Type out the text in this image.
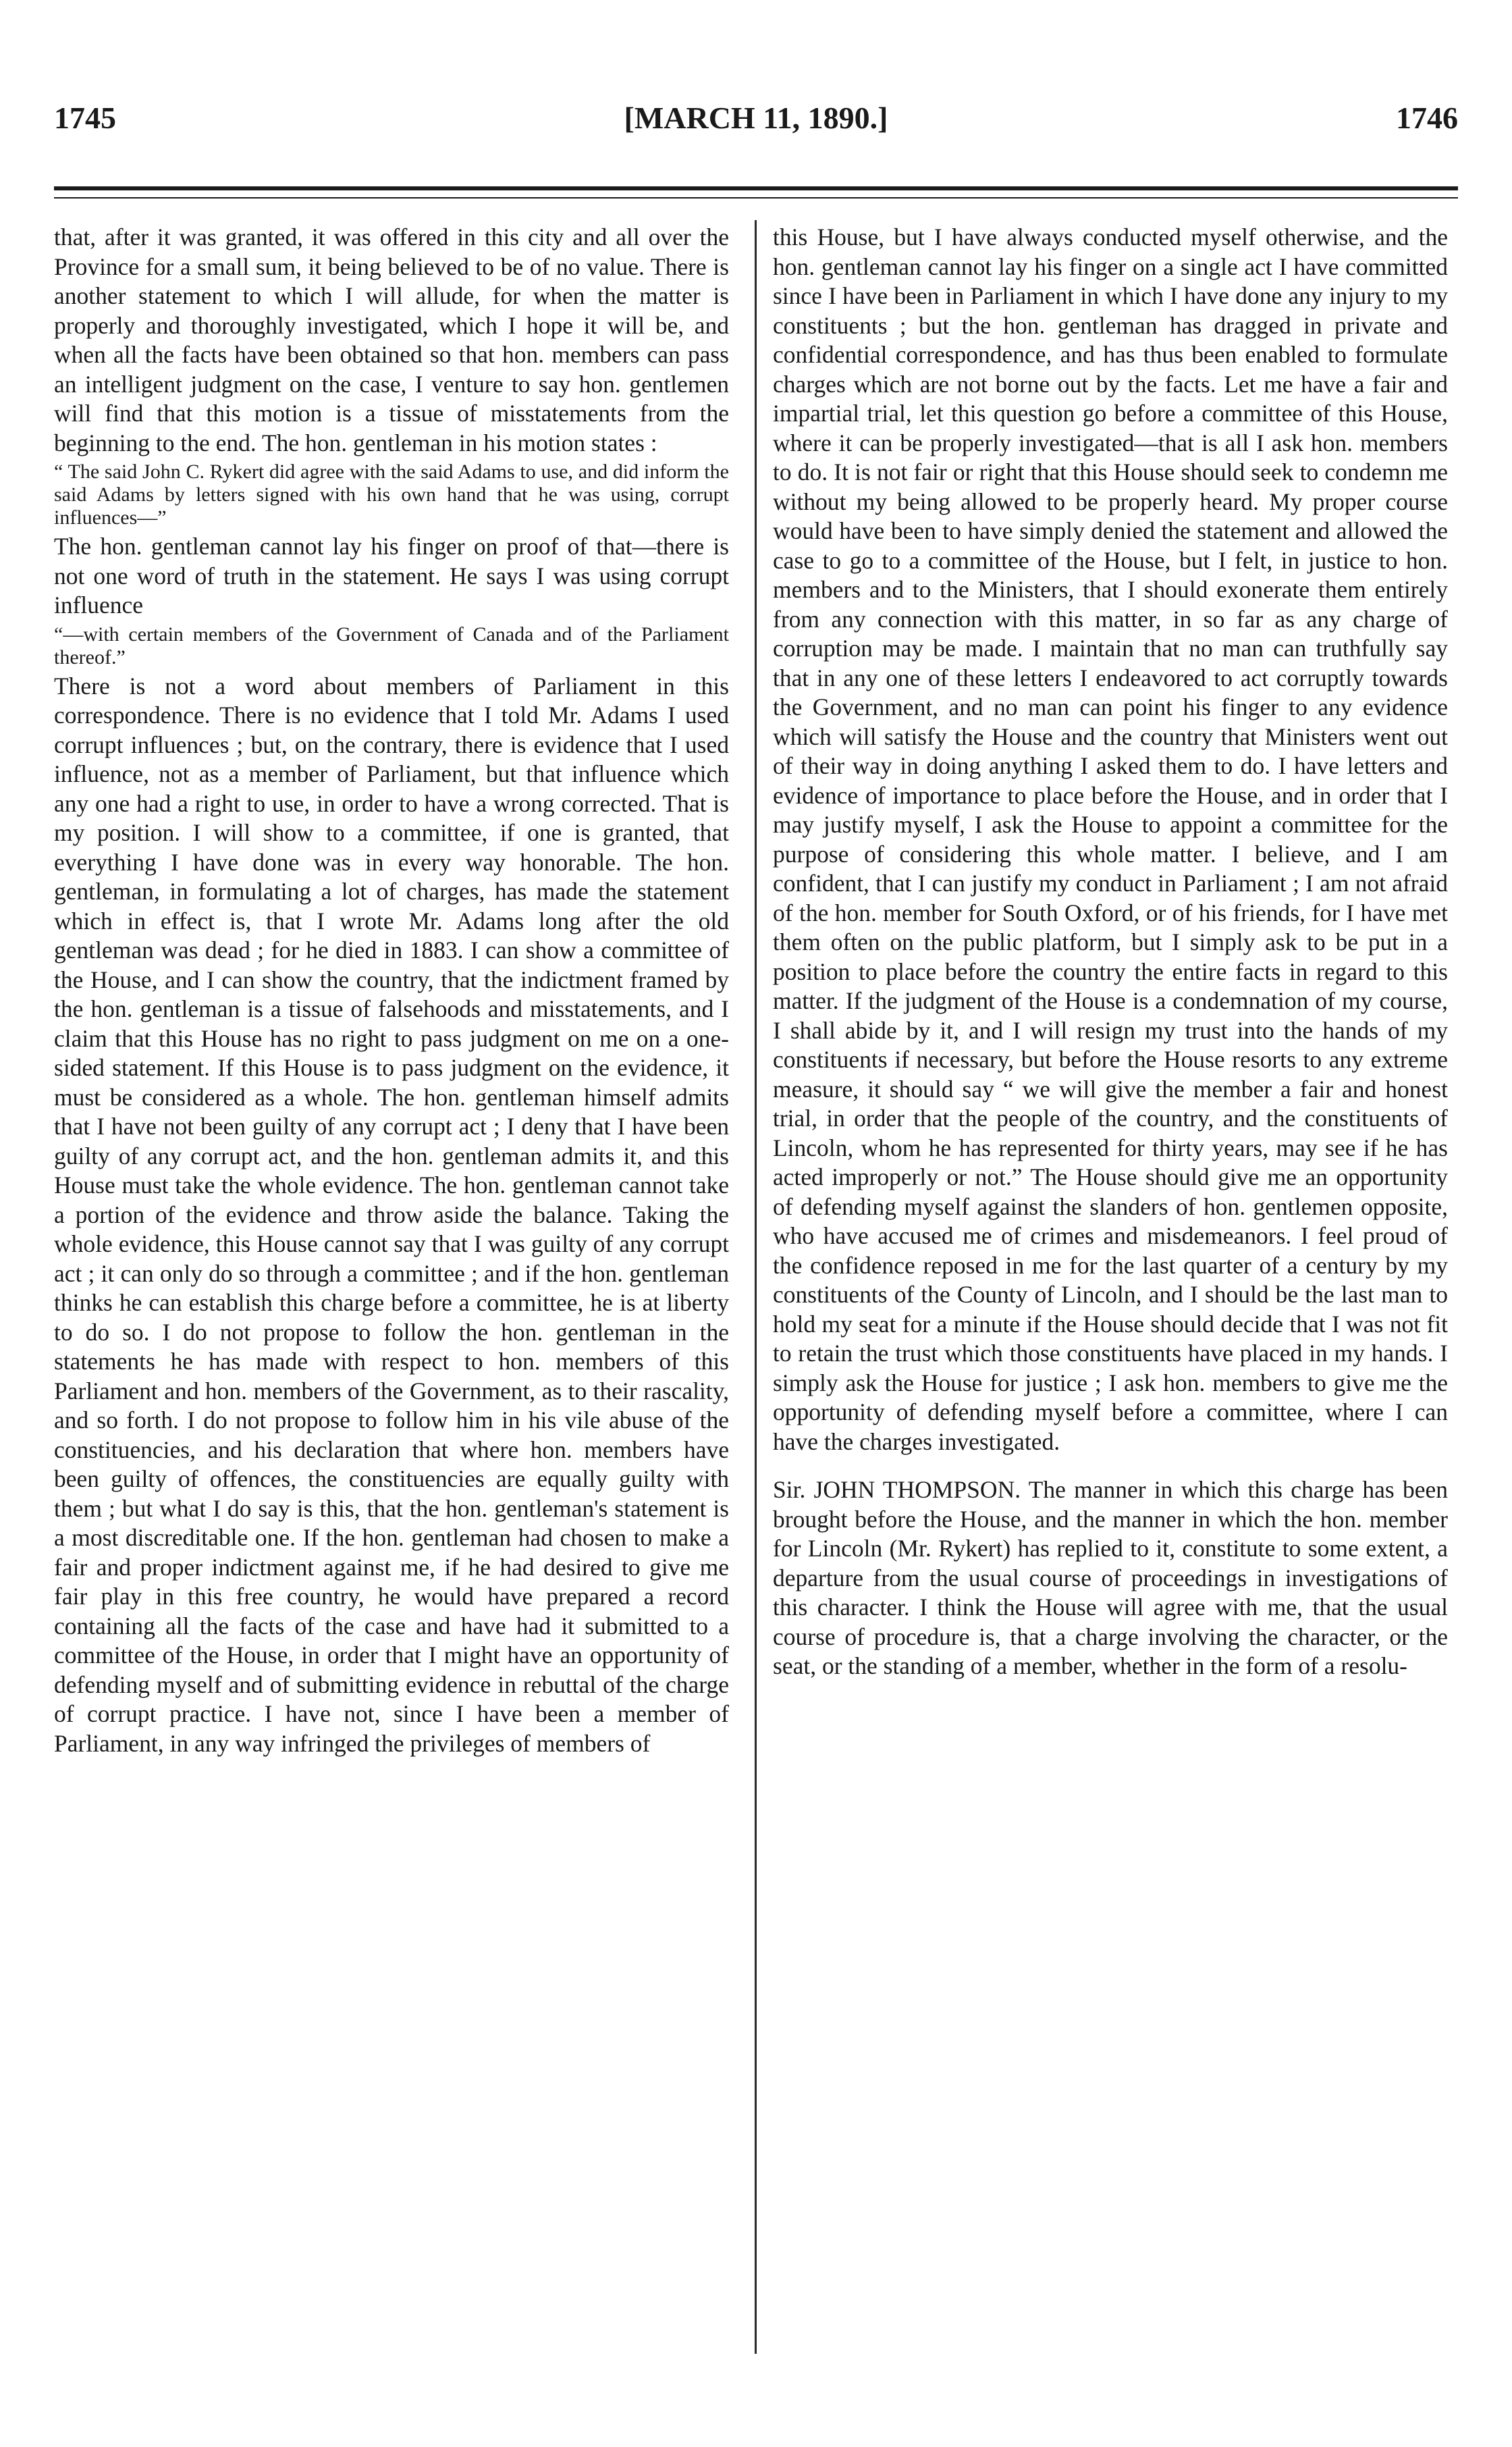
1745	[MARCH 11, 1890.]	1746

that, after it was granted, it was offered in this city and all over the Province for a small sum, it being believed to be of no value. There is another statement to which I will allude, for when the matter is properly and thoroughly investigated, which I hope it will be, and when all the facts have been obtained so that hon. members can pass an intelligent judgment on the case, I venture to say hon. gentlemen will find that this motion is a tissue of misstatements from the beginning to the end. The hon. gentleman in his motion states :

“ The said John C. Rykert did agree with the said Adams to use, and did inform the said Adams by letters signed with his own hand that he was using, corrupt influences—”

The hon. gentleman cannot lay his finger on proof of that—there is not one word of truth in the statement. He says I was using corrupt influence

“—with certain members of the Government of Canada and of the Parliament thereof.”

There is not a word about members of Parliament in this correspondence. There is no evidence that I told Mr. Adams I used corrupt influences ; but, on the contrary, there is evidence that I used influence, not as a member of Parliament, but that influence which any one had a right to use, in order to have a wrong corrected. That is my position. I will show to a committee, if one is granted, that everything I have done was in every way honorable. The hon. gentleman, in formulating a lot of charges, has made the statement which in effect is, that I wrote Mr. Adams long after the old gentleman was dead ; for he died in 1883. I can show a committee of the House, and I can show the country, that the indictment framed by the hon. gentleman is a tissue of falsehoods and misstatements, and I claim that this House has no right to pass judgment on me on a one-sided statement. If this House is to pass judgment on the evidence, it must be considered as a whole. The hon. gentleman himself admits that I have not been guilty of any corrupt act ; I deny that I have been guilty of any corrupt act, and the hon. gentleman admits it, and this House must take the whole evidence. The hon. gentleman cannot take a portion of the evidence and throw aside the balance. Taking the whole evidence, this House cannot say that I was guilty of any corrupt act ; it can only do so through a committee ; and if the hon. gentleman thinks he can establish this charge before a committee, he is at liberty to do so. I do not propose to follow the hon. gentleman in the statements he has made with respect to hon. members of this Parliament and hon. members of the Government, as to their rascality, and so forth. I do not propose to follow him in his vile abuse of the constituencies, and his declaration that where hon. members have been guilty of offences, the constituencies are equally guilty with them ; but what I do say is this, that the hon. gentleman's statement is a most discreditable one. If the hon. gentleman had chosen to make a fair and proper indictment against me, if he had desired to give me fair play in this free country, he would have prepared a record containing all the facts of the case and have had it submitted to a committee of the House, in order that I might have an opportunity of defending myself and of submitting evidence in rebuttal of the charge of corrupt practice. I have not, since I have been a member of Parliament, in any way infringed the privileges of members of

this House, but I have always conducted myself otherwise, and the hon. gentleman cannot lay his finger on a single act I have committed since I have been in Parliament in which I have done any injury to my constituents ; but the hon. gentleman has dragged in private and confidential correspondence, and has thus been enabled to formulate charges which are not borne out by the facts. Let me have a fair and impartial trial, let this question go before a committee of this House, where it can be properly investigated—that is all I ask hon. members to do. It is not fair or right that this House should seek to condemn me without my being allowed to be properly heard. My proper course would have been to have simply denied the statement and allowed the case to go to a committee of the House, but I felt, in justice to hon. members and to the Ministers, that I should exonerate them entirely from any connection with this matter, in so far as any charge of corruption may be made. I maintain that no man can truthfully say that in any one of these letters I endeavored to act corruptly towards the Government, and no man can point his finger to any evidence which will satisfy the House and the country that Ministers went out of their way in doing anything I asked them to do. I have letters and evidence of importance to place before the House, and in order that I may justify myself, I ask the House to appoint a committee for the purpose of considering this whole matter. I believe, and I am confident, that I can justify my conduct in Parliament ; I am not afraid of the hon. member for South Oxford, or of his friends, for I have met them often on the public platform, but I simply ask to be put in a position to place before the country the entire facts in regard to this matter. If the judgment of the House is a condemnation of my course, I shall abide by it, and I will resign my trust into the hands of my constituents if necessary, but before the House resorts to any extreme measure, it should say “ we will give the member a fair and honest trial, in order that the people of the country, and the constituents of Lincoln, whom he has represented for thirty years, may see if he has acted improperly or not.” The House should give me an opportunity of defending myself against the slanders of hon. gentlemen opposite, who have accused me of crimes and misdemeanors. I feel proud of the confidence reposed in me for the last quarter of a century by my constituents of the County of Lincoln, and I should be the last man to hold my seat for a minute if the House should decide that I was not fit to retain the trust which those constituents have placed in my hands. I simply ask the House for justice ; I ask hon. members to give me the opportunity of defending myself before a committee, where I can have the charges investigated.

Sir. JOHN THOMPSON. The manner in which this charge has been brought before the House, and the manner in which the hon. member for Lincoln (Mr. Rykert) has replied to it, constitute to some extent, a departure from the usual course of proceedings in investigations of this character. I think the House will agree with me, that the usual course of procedure is, that a charge involving the character, or the seat, or the standing of a member, whether in the form of a resolu-
